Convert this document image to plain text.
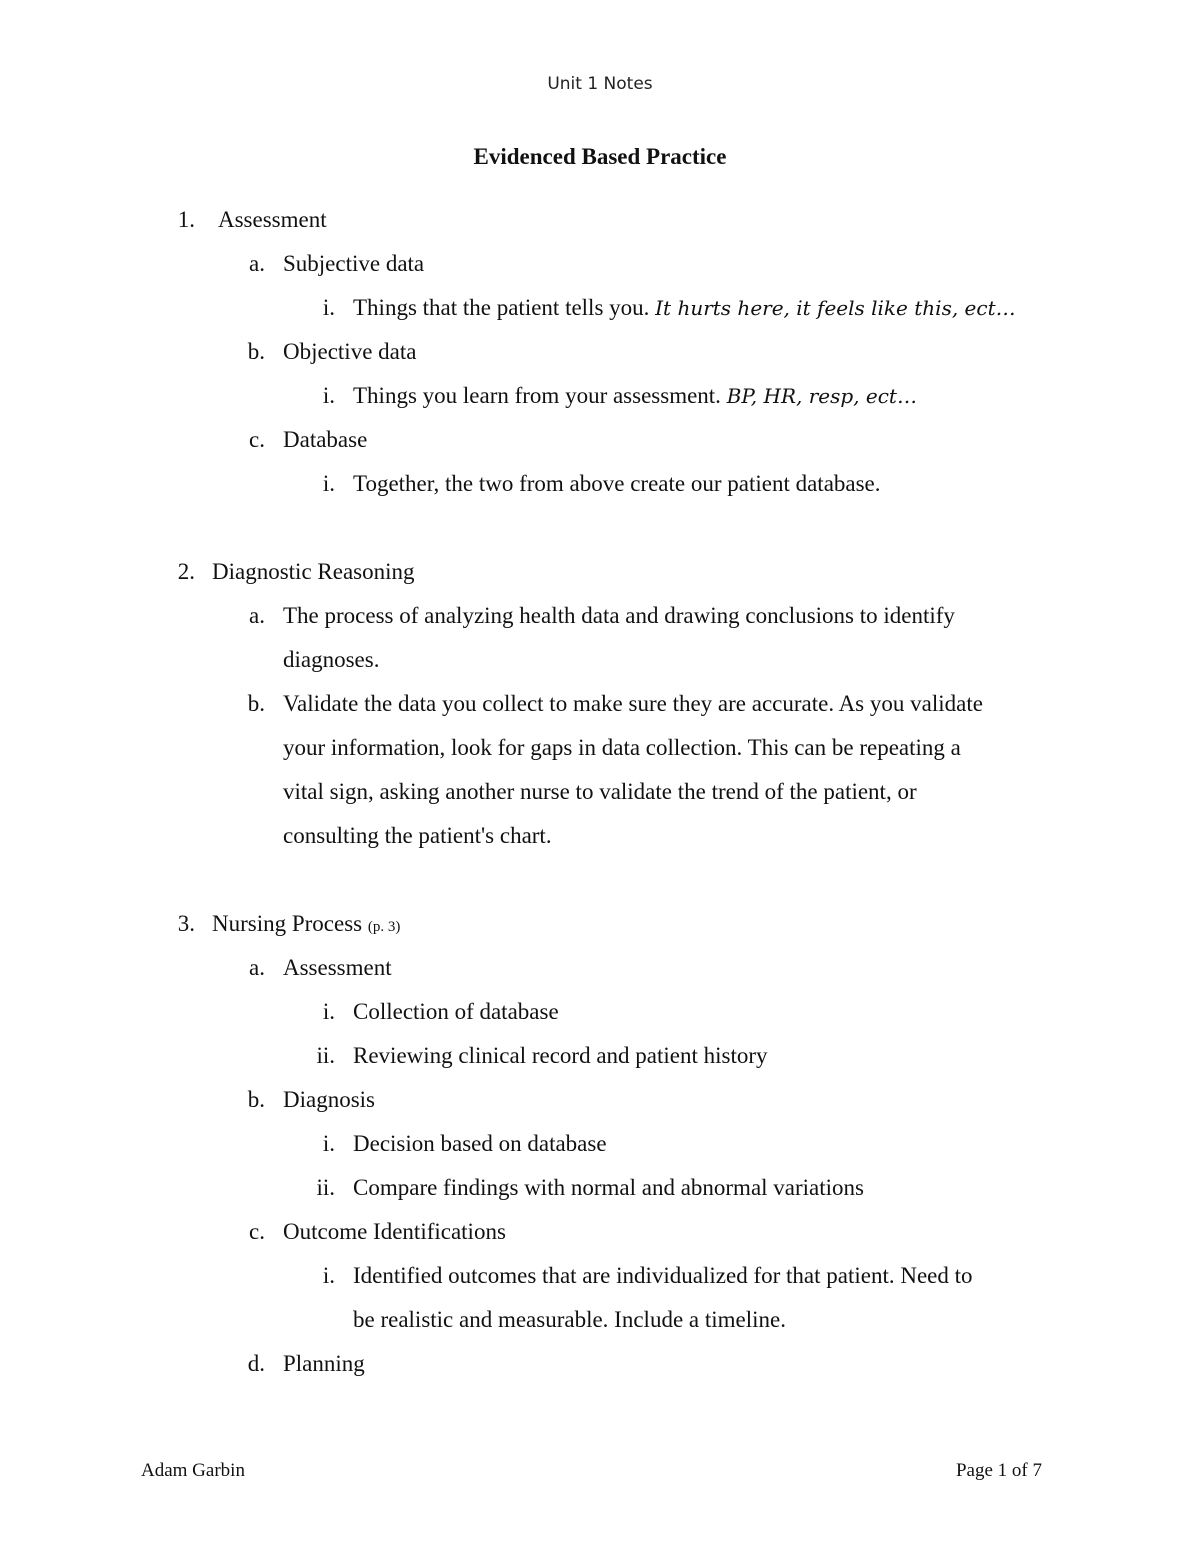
Unit 1 Notes
Evidenced Based Practice
1. Assessment
a. Subjective data
i. Things that the patient tells you. It hurts here, it feels like this, ect…
b. Objective data
i. Things you learn from your assessment. BP, HR, resp, ect…
c. Database
i. Together, the two from above create our patient database.
2. Diagnostic Reasoning
a. The process of analyzing health data and drawing conclusions to identify
diagnoses.
b. Validate the data you collect to make sure they are accurate. As you validate
your information, look for gaps in data collection. This can be repeating a
vital sign, asking another nurse to validate the trend of the patient, or
consulting the patient's chart.
3. Nursing Process (p. 3)
a. Assessment
i. Collection of database
ii. Reviewing clinical record and patient history
b. Diagnosis
i. Decision based on database
ii. Compare findings with normal and abnormal variations
c. Outcome Identifications
i. Identified outcomes that are individualized for that patient. Need to
be realistic and measurable. Include a timeline.
d. Planning
Adam Garbin	Page 1 of 7
